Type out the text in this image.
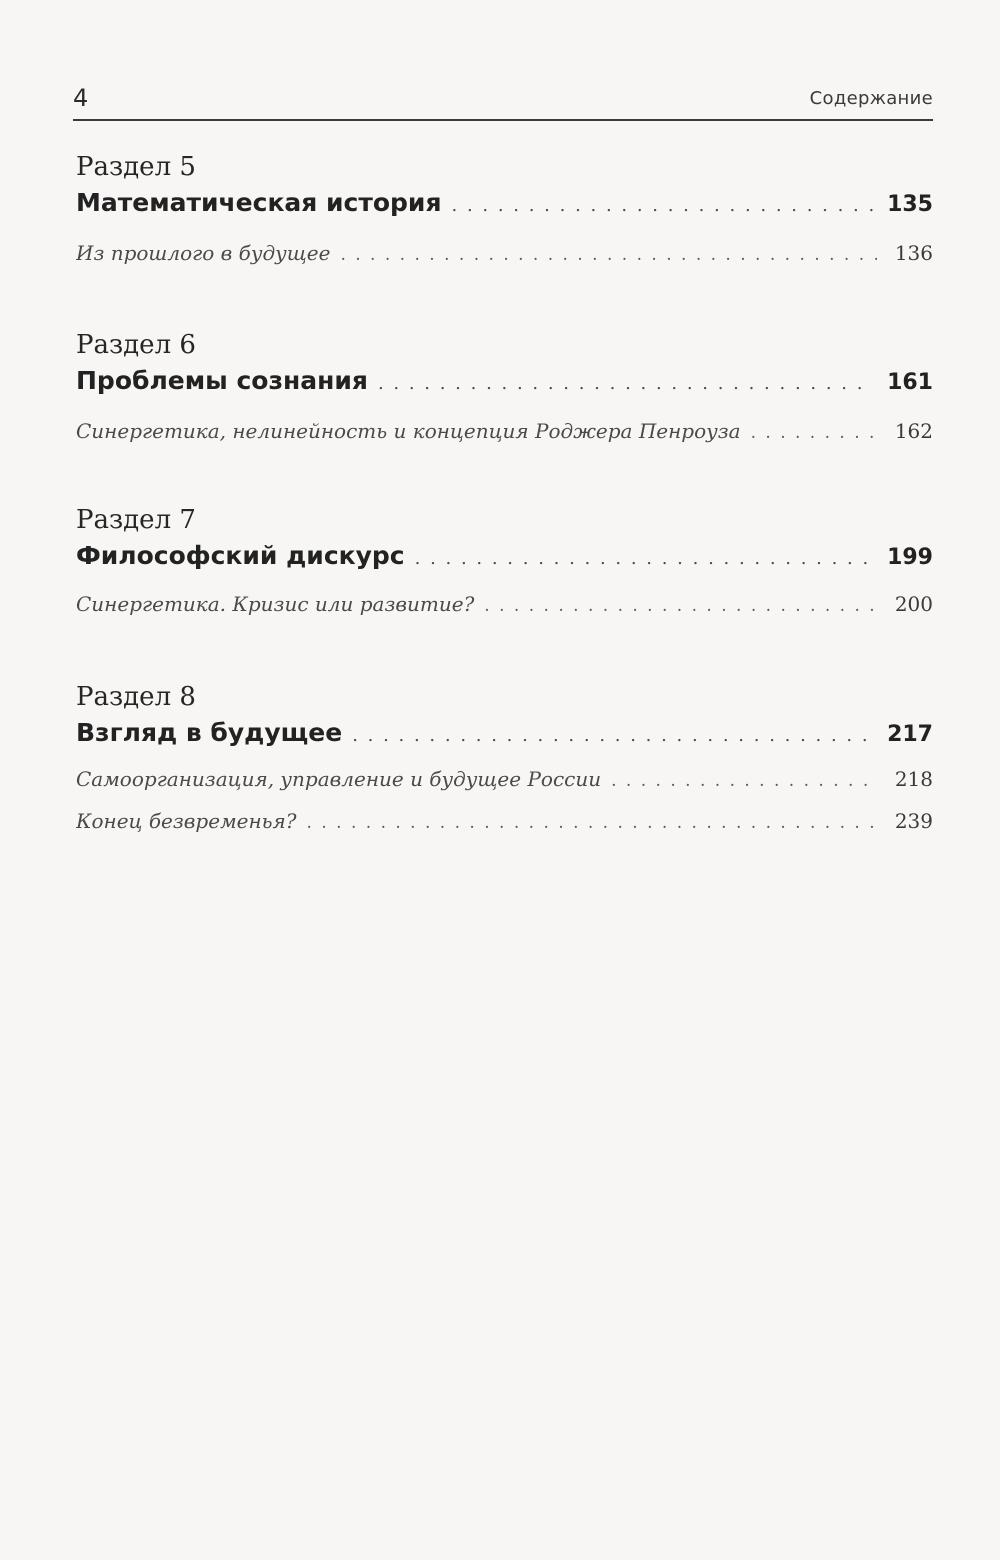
4	Содержание
Раздел 5
Математическая история . . .	135
Из прошлого в будущее . . .	136
Раздел 6
Проблемы сознания . . .	161
Синергетика, нелинейность и концепция Роджера Пенроуза . . .	162
Раздел 7
Философский дискурс . . .	199
Синергетика. Кризис или развитие? . . .	200
Раздел 8
Взгляд в будущее . . .	217
Самоорганизация, управление и будущее России . . .	218
Конец безвременья? . . .	239
